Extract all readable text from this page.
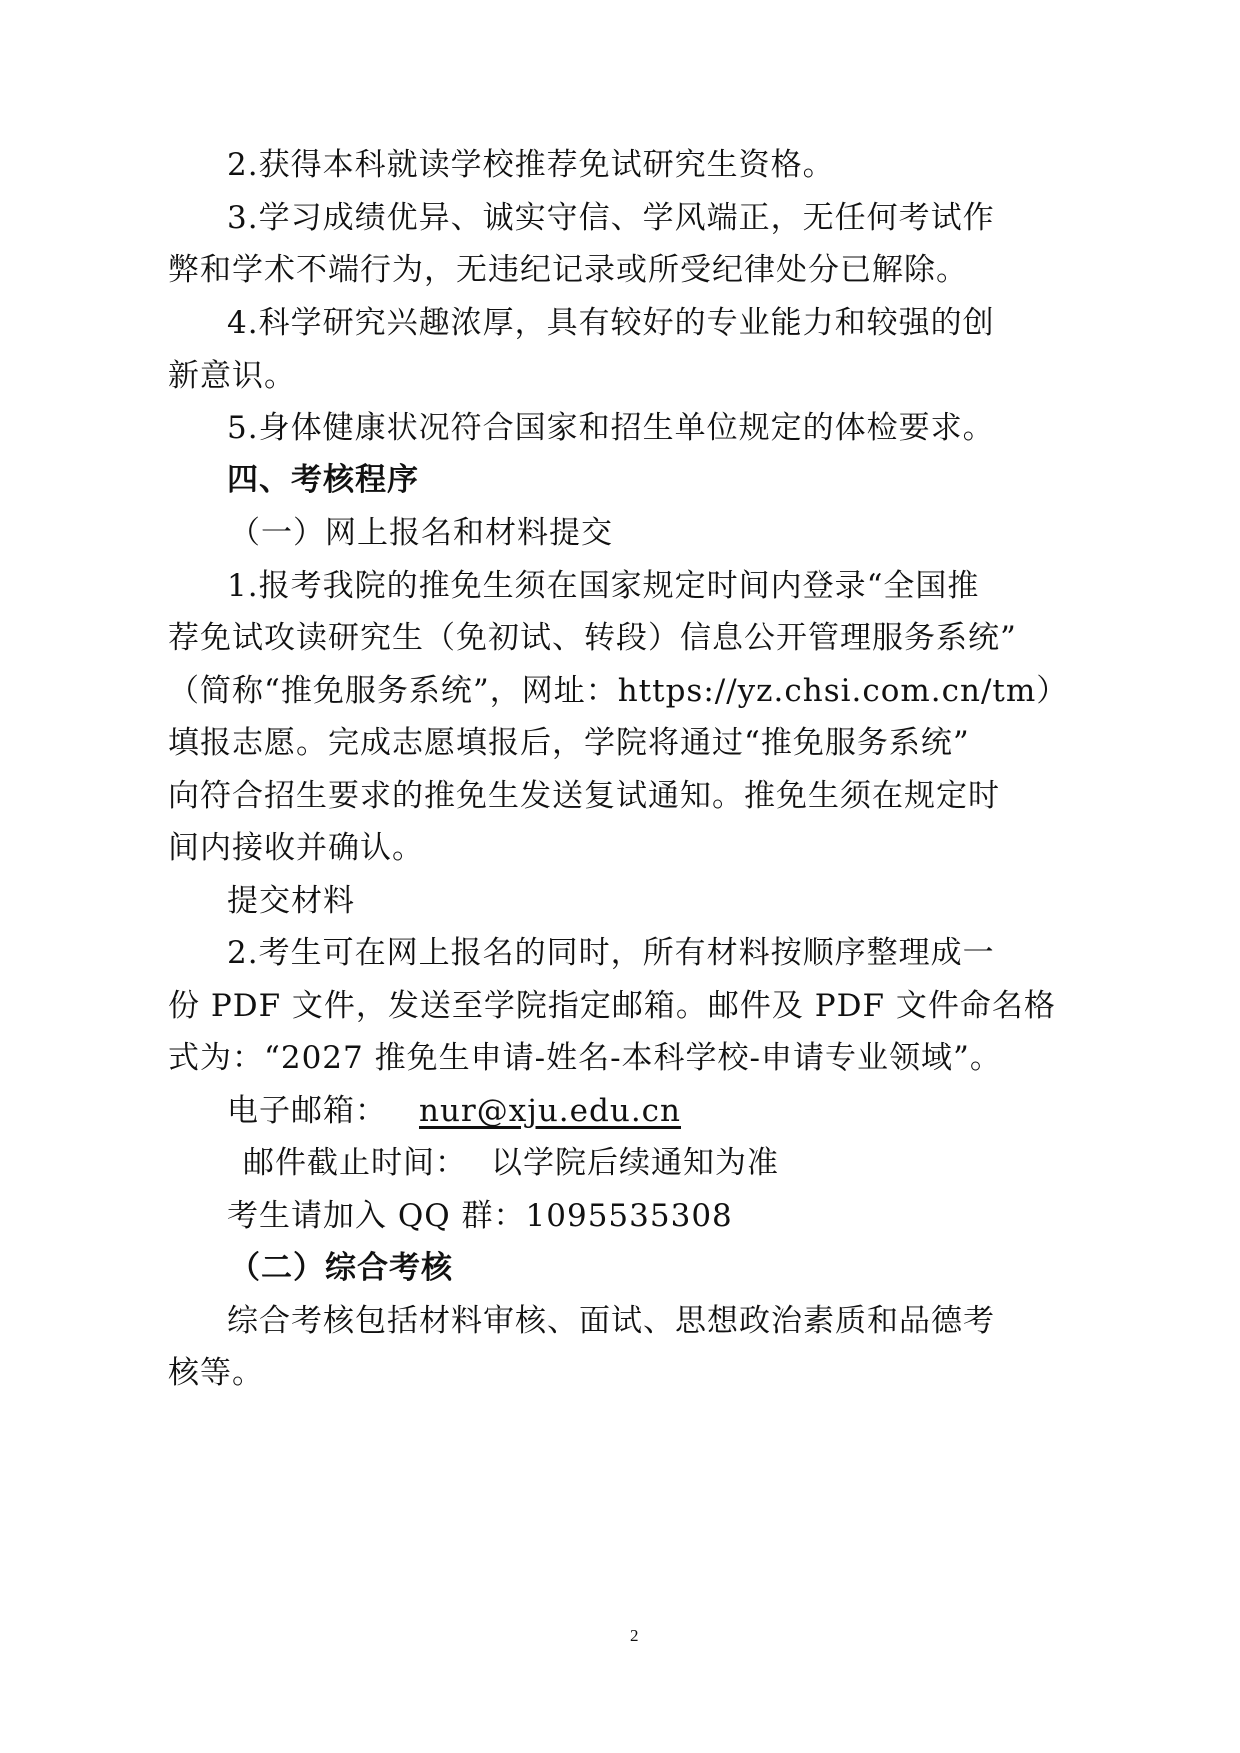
2.获得本科就读学校推荐免试研究生资格。
3.学习成绩优异、诚实守信、学风端正，无任何考试作
弊和学术不端行为，无违纪记录或所受纪律处分已解除。
4.科学研究兴趣浓厚，具有较好的专业能力和较强的创
新意识。
5.身体健康状况符合国家和招生单位规定的体检要求。
四、考核程序
（一）网上报名和材料提交
1.报考我院的推免生须在国家规定时间内登录“全国推
荐免试攻读研究生（免初试、转段）信息公开管理服务系统”
（简称“推免服务系统”，网址：https://yz.chsi.com.cn/tm）
填报志愿。完成志愿填报后，学院将通过“推免服务系统”
向符合招生要求的推免生发送复试通知。推免生须在规定时
间内接收并确认。
提交材料
2.考生可在网上报名的同时，所有材料按顺序整理成一
份 PDF 文件，发送至学院指定邮箱。邮件及 PDF 文件命名格
式为：“2027 推免生申请-姓名-本科学校-申请专业领域”。
电子邮箱： nur@xju.edu.cn
邮件截止时间： 以学院后续通知为准
考生请加入 QQ 群：1095535308
（二）综合考核
综合考核包括材料审核、面试、思想政治素质和品德考
核等。
2
